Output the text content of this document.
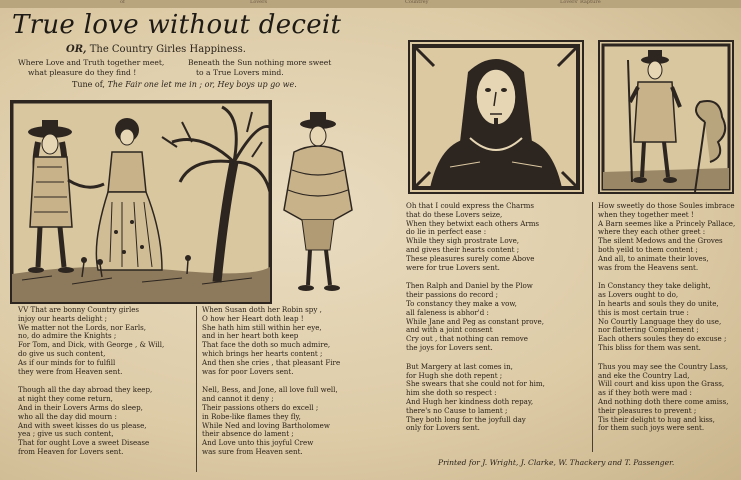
of	Lovers	Countrey	Lovers' Rapture
True love without deceit
OR, The Country Girles Happiness.
Where Love and Truth together meet,	Beneath the Sun nothing more sweet
what pleasure do they find !	to a True Lovers mind.
Tune of, The Fair one let me in ; or, Hey boys up go we.
VV That are bonny Country girles
injoy our hearts delight ;
We matter not the Lords, nor Earls,
no, do admire the Knights ;
For Tom, and Dick, with George , & Will,
do give us such content,
As if our minds for to fulfill
they were from Heaven sent.
Though all the day abroad they keep,
at night they come return,
And in their Lovers Arms do sleep,
who all the day did mourn :
And with sweet kisses do us please,
yea ; give us such content,
That for ought Love a sweet Disease
from Heaven for Lovers sent.
When Susan doth her Robin spy ,
O how her Heart doth leap !
She hath him still within her eye,
and in her heart both keep
That face the doth so much admire,
which brings her hearts content ;
And then she cries , that pleasant Fire
was for poor Lovers sent.
Nell, Bess, and Jone, all love full well,
and cannot it deny ;
Their passions others do excell ;
in Robe-like flames they fly,
While Ned and loving Bartholomew
their absence do lament ;
And Love unto this joyful Crew
was sure from Heaven sent.
Oh that I could express the Charms
that do these Lovers seize,
When they betwixt each others Arms
do lie in perfect ease :
While they sigh prostrate Love,
and gives their hearts content ;
These pleasures surely come Above
were for true Lovers sent.
Then Ralph and Daniel by the Plow
their passions do record ;
To constancy they make a vow,
all faleness is abhor'd :
While Jane and Peg as constant prove,
and with a joint consent
Cry out , that nothing can remove
the joys for Lovers sent.
But Margery at last comes in,
for Hugh she doth repent ;
She swears that she could not for him,
him she doth so respect :
And Hugh her kindness doth repay,
there's no Cause to lament ;
They both long for the joyfull day
only for Lovers sent.
How sweetly do those Soules imbrace
when they together meet !
A Barn seemes like a Princely Pallace,
where they each other greet :
The silent Medows and the Groves
both yeild to them content ;
And all, to animate their loves,
was from the Heavens sent.
In Constancy they take delight,
as Lovers ought to do,
In hearts and souls they do unite,
this is most certain true :
No Courtly Language they do use,
nor flattering Complement ;
Each others soules they do excuse ;
This bliss for them was sent.
Thus you may see the Country Lass,
and eke the Country Lad,
Will court and kiss upon the Grass,
as if they both were mad :
And nothing doth there come amiss,
their pleasures to prevent ;
Tis their delight to hug and kiss,
for them such joys were sent.
Printed for J. Wright, J. Clarke, W. Thackery and T. Passenger.
